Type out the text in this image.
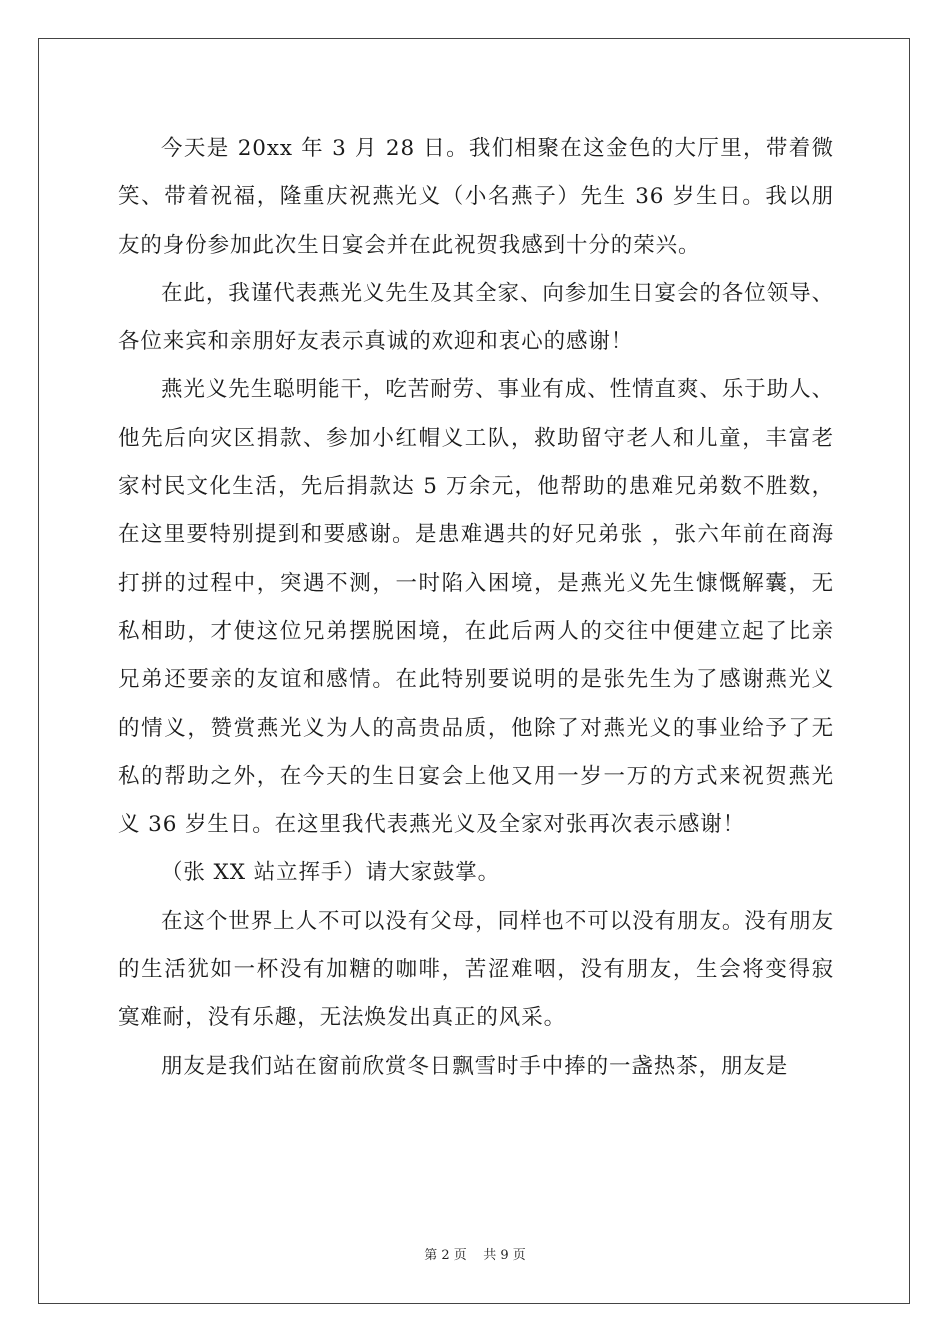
今天是 20xx 年 3 月 28 日。我们相聚在这金色的大厅里，带着微笑、带着祝福，隆重庆祝燕光义（小名燕子）先生 36 岁生日。我以朋友的身份参加此次生日宴会并在此祝贺我感到十分的荣兴。

在此，我谨代表燕光义先生及其全家、向参加生日宴会的各位领导、各位来宾和亲朋好友表示真诚的欢迎和衷心的感谢！

燕光义先生聪明能干，吃苦耐劳、事业有成、性情直爽、乐于助人、他先后向灾区捐款、参加小红帽义工队，救助留守老人和儿童，丰富老家村民文化生活，先后捐款达 5 万余元，他帮助的患难兄弟数不胜数，在这里要特别提到和要感谢。是患难遇共的好兄弟张 ，张六年前在商海打拼的过程中，突遇不测，一时陷入困境，是燕光义先生慷慨解囊，无私相助，才使这位兄弟摆脱困境，在此后两人的交往中便建立起了比亲兄弟还要亲的友谊和感情。在此特别要说明的是张先生为了感谢燕光义的情义，赞赏燕光义为人的高贵品质，他除了对燕光义的事业给予了无私的帮助之外，在今天的生日宴会上他又用一岁一万的方式来祝贺燕光义 36 岁生日。在这里我代表燕光义及全家对张再次表示感谢！

（张 XX 站立挥手）请大家鼓掌。

在这个世界上人不可以没有父母，同样也不可以没有朋友。没有朋友的生活犹如一杯没有加糖的咖啡，苦涩难咽，没有朋友，生会将变得寂寞难耐，没有乐趣，无法焕发出真正的风采。

朋友是我们站在窗前欣赏冬日飘雪时手中捧的一盏热茶，朋友是

第 2 页 共 9 页
